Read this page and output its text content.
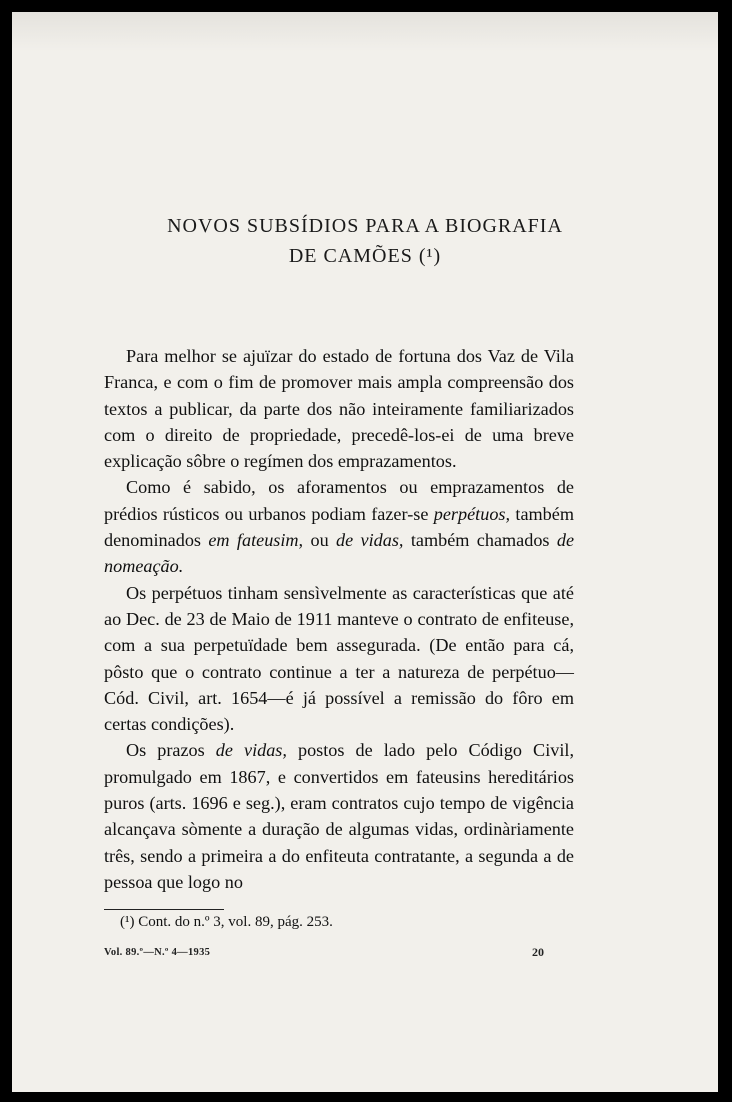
NOVOS SUBSÍDIOS PARA A BIOGRAFIA
DE CAMÕES (¹)

Para melhor se ajuïzar do estado de fortuna dos Vaz de Vila Franca, e com o fim de promover mais ampla compreensão dos textos a publicar, da parte dos não inteiramente familiarizados com o direito de propriedade, precedê-los-ei de uma breve explicação sôbre o regímen dos emprazamentos.

Como é sabido, os aforamentos ou emprazamentos de prédios rústicos ou urbanos podiam fazer-se perpétuos, também denominados em fateusim, ou de vidas, também chamados de nomeação.

Os perpétuos tinham sensìvelmente as características que até ao Dec. de 23 de Maio de 1911 manteve o contrato de enfiteuse, com a sua perpetuïdade bem assegurada. (De então para cá, pôsto que o contrato continue a ter a natureza de perpétuo—Cód. Civil, art. 1654—é já possível a remissão do fôro em certas condições).

Os prazos de vidas, postos de lado pelo Código Civil, promulgado em 1867, e convertidos em fateusins hereditários puros (arts. 1696 e seg.), eram contratos cujo tempo de vigência alcançava sòmente a duração de algumas vidas, ordinàriamente três, sendo a primeira a do enfiteuta contratante, a segunda a de pessoa que logo no

(¹) Cont. do n.º 3, vol. 89, pág. 253.
Vol. 89.º—N.º 4—1935	20
